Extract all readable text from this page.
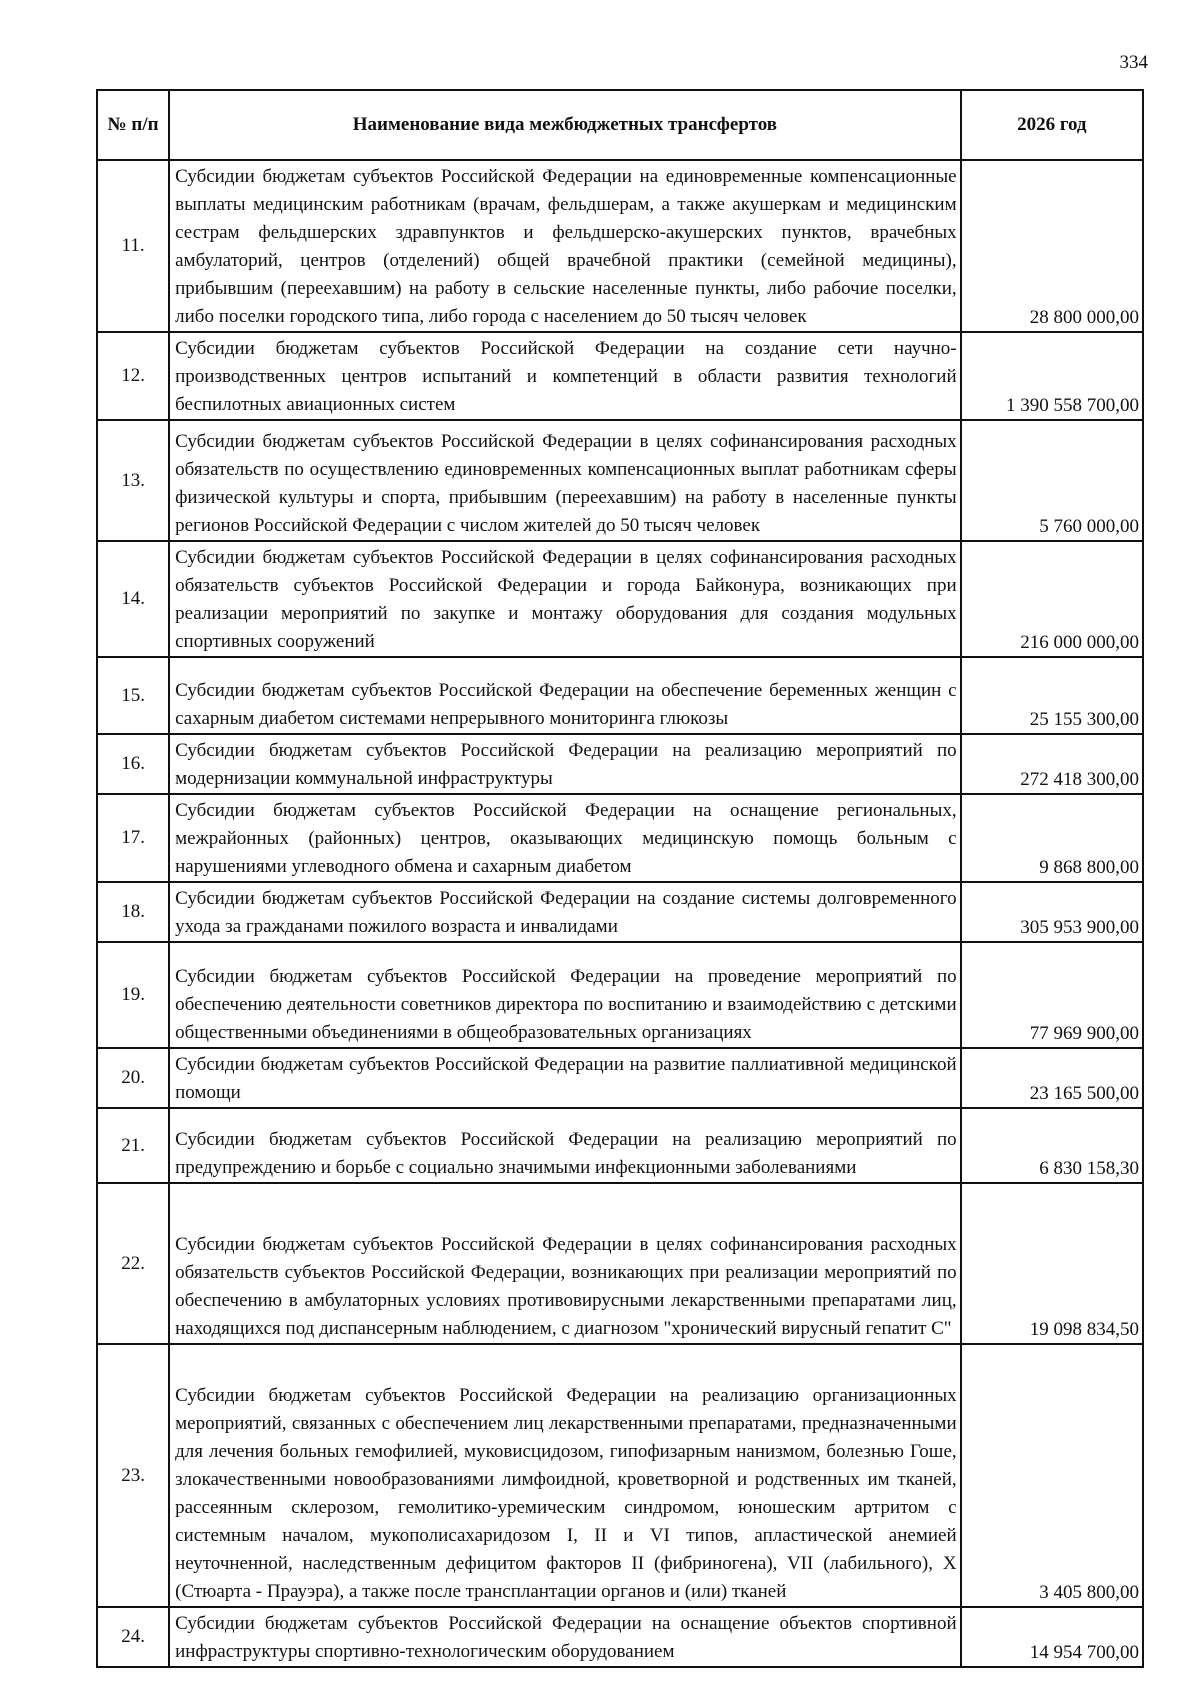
334
№ п/п	Наименование вида межбюджетных трансфертов	2026 год
11.	Субсидии бюджетам субъектов Российской Федерации на единовременные компенсационные выплаты медицинским работникам (врачам, фельдшерам, а также акушеркам и медицинским сестрам фельдшерских здравпунктов и фельдшерско-акушерских пунктов, врачебных амбулаторий, центров (отделений) общей врачебной практики (семейной медицины), прибывшим (переехавшим) на работу в сельские населенные пункты, либо рабочие поселки, либо поселки городского типа, либо города с населением до 50 тысяч человек	28 800 000,00
12.	Субсидии бюджетам субъектов Российской Федерации на создание сети научно-производственных центров испытаний и компетенций в области развития технологий беспилотных авиационных систем	1 390 558 700,00
13.	Субсидии бюджетам субъектов Российской Федерации в целях софинансирования расходных обязательств по осуществлению единовременных компенсационных выплат работникам сферы физической культуры и спорта, прибывшим (переехавшим) на работу в населенные пункты регионов Российской Федерации с числом жителей до 50 тысяч человек	5 760 000,00
14.	Субсидии бюджетам субъектов Российской Федерации в целях софинансирования расходных обязательств субъектов Российской Федерации и города Байконура, возникающих при реализации мероприятий по закупке и монтажу оборудования для создания модульных спортивных сооружений	216 000 000,00
15.	Субсидии бюджетам субъектов Российской Федерации на обеспечение беременных женщин с сахарным диабетом системами непрерывного мониторинга глюкозы	25 155 300,00
16.	Субсидии бюджетам субъектов Российской Федерации на реализацию мероприятий по модернизации коммунальной инфраструктуры	272 418 300,00
17.	Субсидии бюджетам субъектов Российской Федерации на оснащение региональных, межрайонных (районных) центров, оказывающих медицинскую помощь больным с нарушениями углеводного обмена и сахарным диабетом	9 868 800,00
18.	Субсидии бюджетам субъектов Российской Федерации на создание системы долговременного ухода за гражданами пожилого возраста и инвалидами	305 953 900,00
19.	Субсидии бюджетам субъектов Российской Федерации на проведение мероприятий по обеспечению деятельности советников директора по воспитанию и взаимодействию с детскими общественными объединениями в общеобразовательных организациях	77 969 900,00
20.	Субсидии бюджетам субъектов Российской Федерации на развитие паллиативной медицинской помощи	23 165 500,00
21.	Субсидии бюджетам субъектов Российской Федерации на реализацию мероприятий по предупреждению и борьбе с социально значимыми инфекционными заболеваниями	6 830 158,30
22.	Субсидии бюджетам субъектов Российской Федерации в целях софинансирования расходных обязательств субъектов Российской Федерации, возникающих при реализации мероприятий по обеспечению в амбулаторных условиях противовирусными лекарственными препаратами лиц, находящихся под диспансерным наблюдением, с диагнозом "хронический вирусный гепатит С"	19 098 834,50
23.	Субсидии бюджетам субъектов Российской Федерации на реализацию организационных мероприятий, связанных с обеспечением лиц лекарственными препаратами, предназначенными для лечения больных гемофилией, муковисцидозом, гипофизарным нанизмом, болезнью Гоше, злокачественными новообразованиями лимфоидной, кроветворной и родственных им тканей, рассеянным склерозом, гемолитико-уремическим синдромом, юношеским артритом с системным началом, мукополисахаридозом I, II и VI типов, апластической анемией неуточненной, наследственным дефицитом факторов II (фибриногена), VII (лабильного), X (Стюарта - Прауэра), а также после трансплантации органов и (или) тканей	3 405 800,00
24.	Субсидии бюджетам субъектов Российской Федерации на оснащение объектов спортивной инфраструктуры спортивно-технологическим оборудованием	14 954 700,00
